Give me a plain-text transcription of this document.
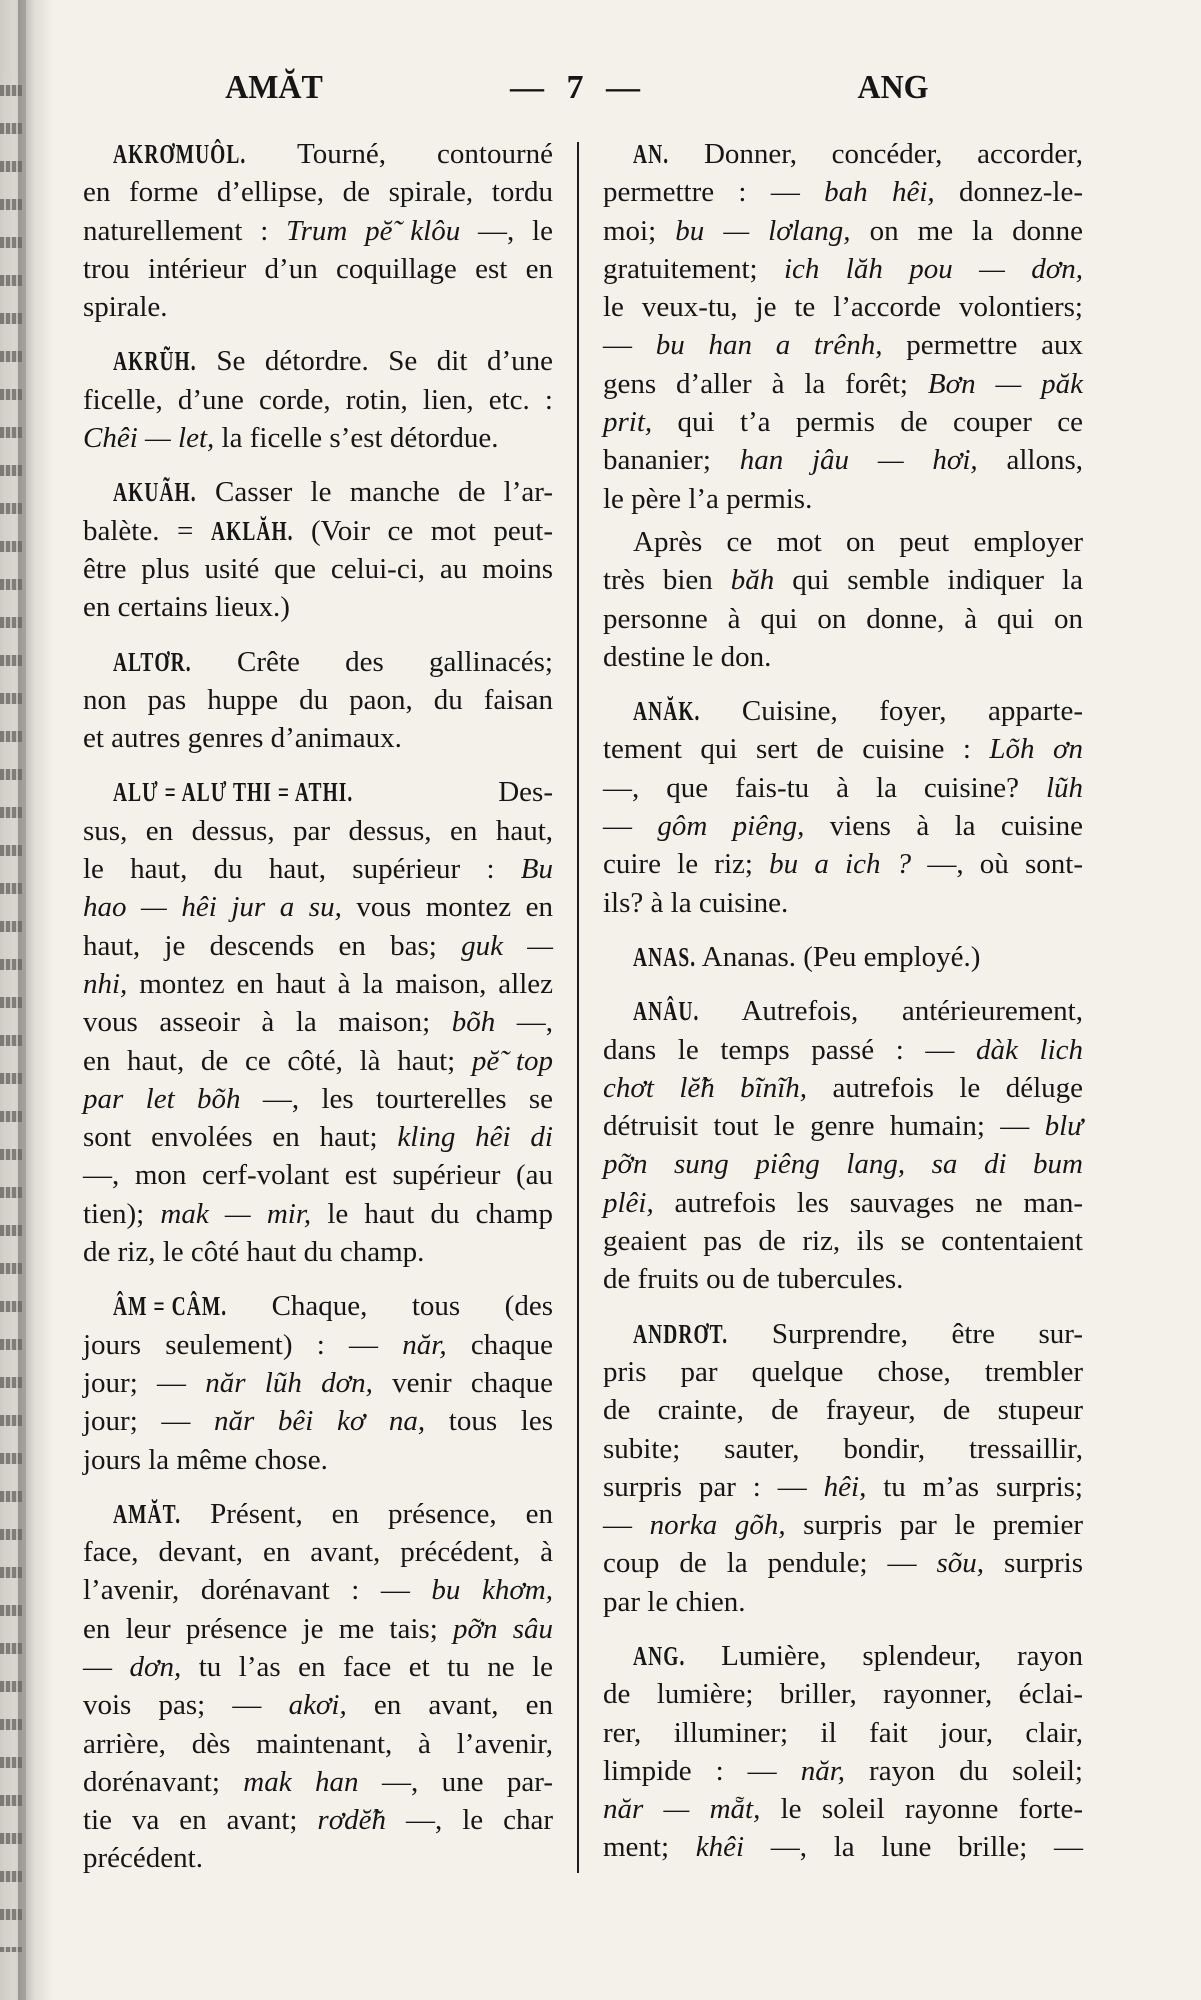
AMĂT	— 7 —	ANG
AKRƠMUÔL. Tourné, contourné
en forme d’ellipse, de spirale, tordu
naturellement : Trum pĕ̃ klôu —, le
trou intérieur d’un coquillage est en
spirale.
AKRŨH. Se détordre. Se dit d’une
ficelle, d’une corde, rotin, lien, etc. :
Chêi — let, la ficelle s’est détordue.
AKUÃH. Casser le manche de l’ar-
balète. = AKLĂH. (Voir ce mot peut-
être plus usité que celui-ci, au moins
en certains lieux.)
ALTƠR. Crête des gallinacés;
non pas huppe du paon, du faisan
et autres genres d’animaux.
ALƯ = ALƯ THI = ATHI. Des-
sus, en dessus, par dessus, en haut,
le haut, du haut, supérieur : Bu
hao — hêi jur a su, vous montez en
haut, je descends en bas; guk —
nhi, montez en haut à la maison, allez
vous asseoir à la maison; bõh —,
en haut, de ce côté, là haut; pĕ̃ top
par let bõh —, les tourterelles se
sont envolées en haut; kling hêi di
—, mon cerf-volant est supérieur (au
tien); mak — mir, le haut du champ
de riz, le côté haut du champ.
ÂM = CÂM. Chaque, tous (des
jours seulement) : — năr, chaque
jour; — năr lũh dơn, venir chaque
jour; — năr bêi kơ na, tous les
jours la même chose.
AMĂT. Présent, en présence, en
face, devant, en avant, précédent, à
l’avenir, dorénavant : — bu khơm,
en leur présence je me tais; pỡn sâu
— dơn, tu l’as en face et tu ne le
vois pas; — akơi, en avant, en
arrière, dès maintenant, à l’avenir,
dorénavant; mak han —, une par-
tie va en avant; rơdĕ̃h —, le char
précédent.
AN. Donner, concéder, accorder,
permettre : — bah hêi, donnez-le-
moi; bu — lơlang, on me la donne
gratuitement; ich lăh pou — dơn,
le veux-tu, je te l’accorde volontiers;
— bu han a trênh, permettre aux
gens d’aller à la forêt; Bơn — păk
prit, qui t’a permis de couper ce
bananier; han jâu — hơi, allons,
le père l’a permis.
Après ce mot on peut employer
très bien băh qui semble indiquer la
personne à qui on donne, à qui on
destine le don.
ANĂK. Cuisine, foyer, apparte-
tement qui sert de cuisine : Lõh ơn
—, que fais-tu à la cuisine? lũh
— gôm piêng, viens à la cuisine
cuire le riz; bu a ich ? —, où sont-
ils? à la cuisine.
ANAS. Ananas. (Peu employé.)
ANÂU. Autrefois, antérieurement,
dans le temps passé : — dàk lich
chơt lĕ̃h bĩnĩh, autrefois le déluge
détruisit tout le genre humain; — blư
pỡn sung piêng lang, sa di bum
plêi, autrefois les sauvages ne man-
geaient pas de riz, ils se contentaient
de fruits ou de tubercules.
ANDRƠT. Surprendre, être sur-
pris par quelque chose, trembler
de crainte, de frayeur, de stupeur
subite; sauter, bondir, tressaillir,
surpris par : — hêi, tu m’as surpris;
— norka gõh, surpris par le premier
coup de la pendule; — sõu, surpris
par le chien.
ANG. Lumière, splendeur, rayon
de lumière; briller, rayonner, éclai-
rer, illuminer; il fait jour, clair,
limpide : — năr, rayon du soleil;
năr — mẵt, le soleil rayonne forte-
ment; khêi —, la lune brille; —
